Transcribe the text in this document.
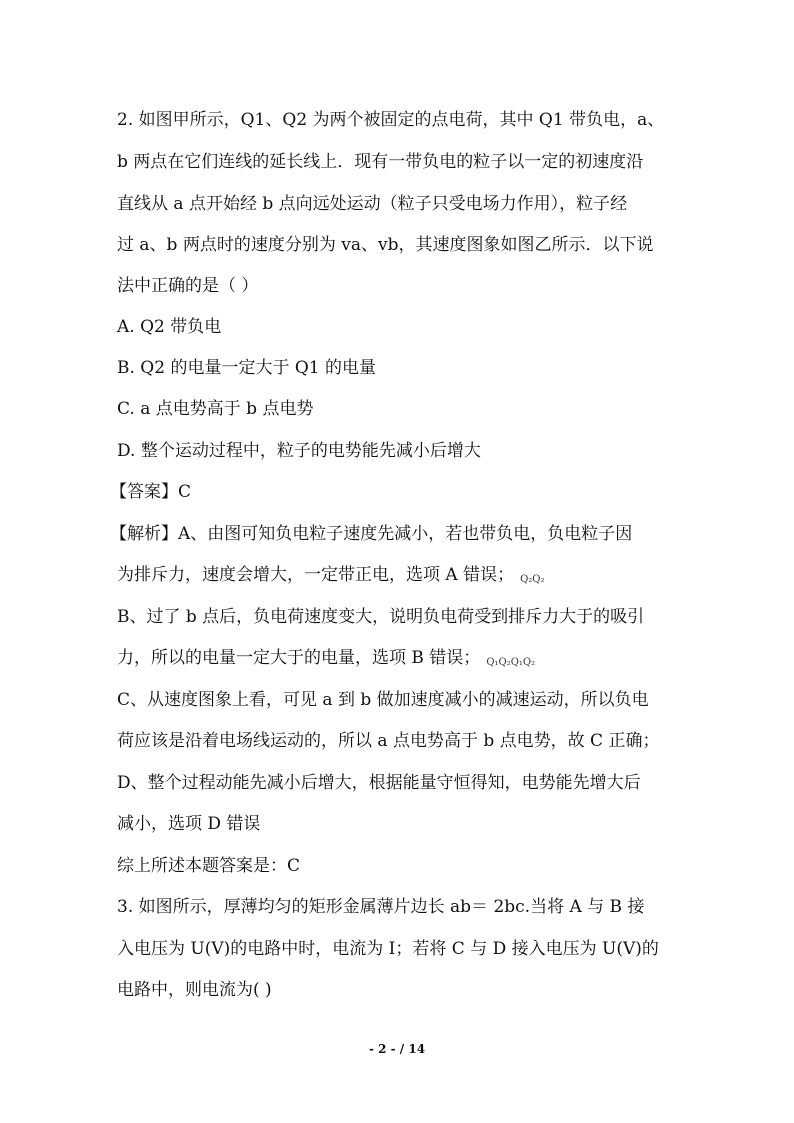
2. 如图甲所示，Q1、Q2 为两个被固定的点电荷，其中 Q1 带负电，a、
b 两点在它们连线的延长线上．现有一带负电的粒子以一定的初速度沿
直线从 a 点开始经 b 点向远处运动（粒子只受电场力作用），粒子经
过 a、b 两点时的速度分别为 va、vb，其速度图象如图乙所示．以下说
法中正确的是（ ）
A. Q2 带负电
B. Q2 的电量一定大于 Q1 的电量
C. a 点电势高于 b 点电势
D. 整个运动过程中，粒子的电势能先减小后增大
【答案】C
【解析】A、由图可知负电粒子速度先减小，若也带负电，负电粒子因
为排斥力，速度会增大，一定带正电，选项 A 错误； Q₂Q₂
B、过了 b 点后，负电荷速度变大，说明负电荷受到排斥力大于的吸引
力，所以的电量一定大于的电量，选项 B 错误； Q₁Q₂Q₁Q₂
C、从速度图象上看，可见 a 到 b 做加速度减小的减速运动，所以负电
荷应该是沿着电场线运动的，所以 a 点电势高于 b 点电势，故 C 正确；
D、整个过程动能先减小后增大，根据能量守恒得知，电势能先增大后
减小，选项 D 错误
综上所述本题答案是：C
3. 如图所示，厚薄均匀的矩形金属薄片边长 ab＝ 2bc.当将 A 与 B 接
入电压为 U(V)的电路中时，电流为 I；若将 C 与 D 接入电压为 U(V)的
电路中，则电流为( )
- 2 - / 14
